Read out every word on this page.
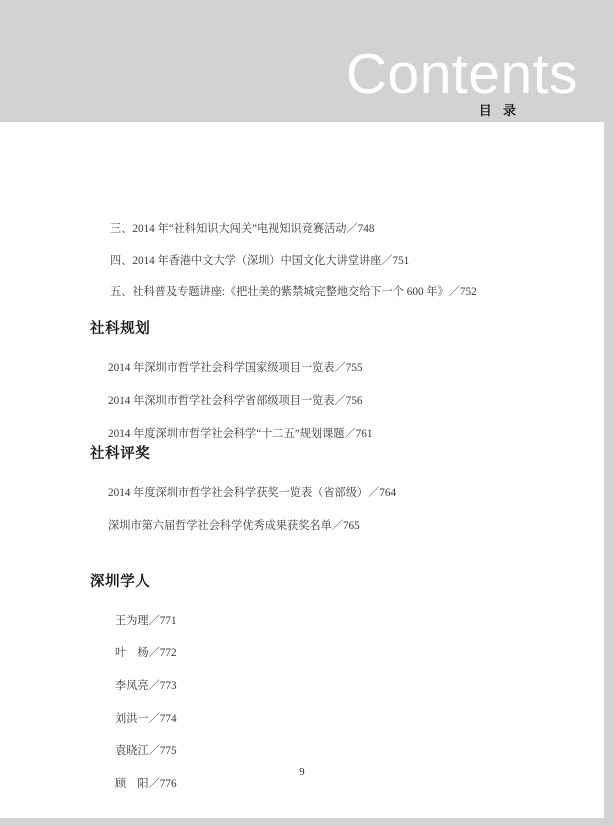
Contents
目 录
三、2014 年“社科知识大闯关”电视知识竞赛活动／748
四、2014 年香港中文大学（深圳）中国文化大讲堂讲座／751
五、社科普及专题讲座:《把壮美的紫禁城完整地交给下一个 600 年》／752
社科规划
2014 年深圳市哲学社会科学国家级项目一览表／755
2014 年深圳市哲学社会科学省部级项目一览表／756
2014 年度深圳市哲学社会科学“十二五”规划课题／761
社科评奖
2014 年度深圳市哲学社会科学获奖一览表（省部级）／764
深圳市第六届哲学社会科学优秀成果获奖名单／765
深圳学人
王为理／771
叶　杨／772
李凤亮／773
刘洪一／774
袁晓江／775
顾　阳／776
9
